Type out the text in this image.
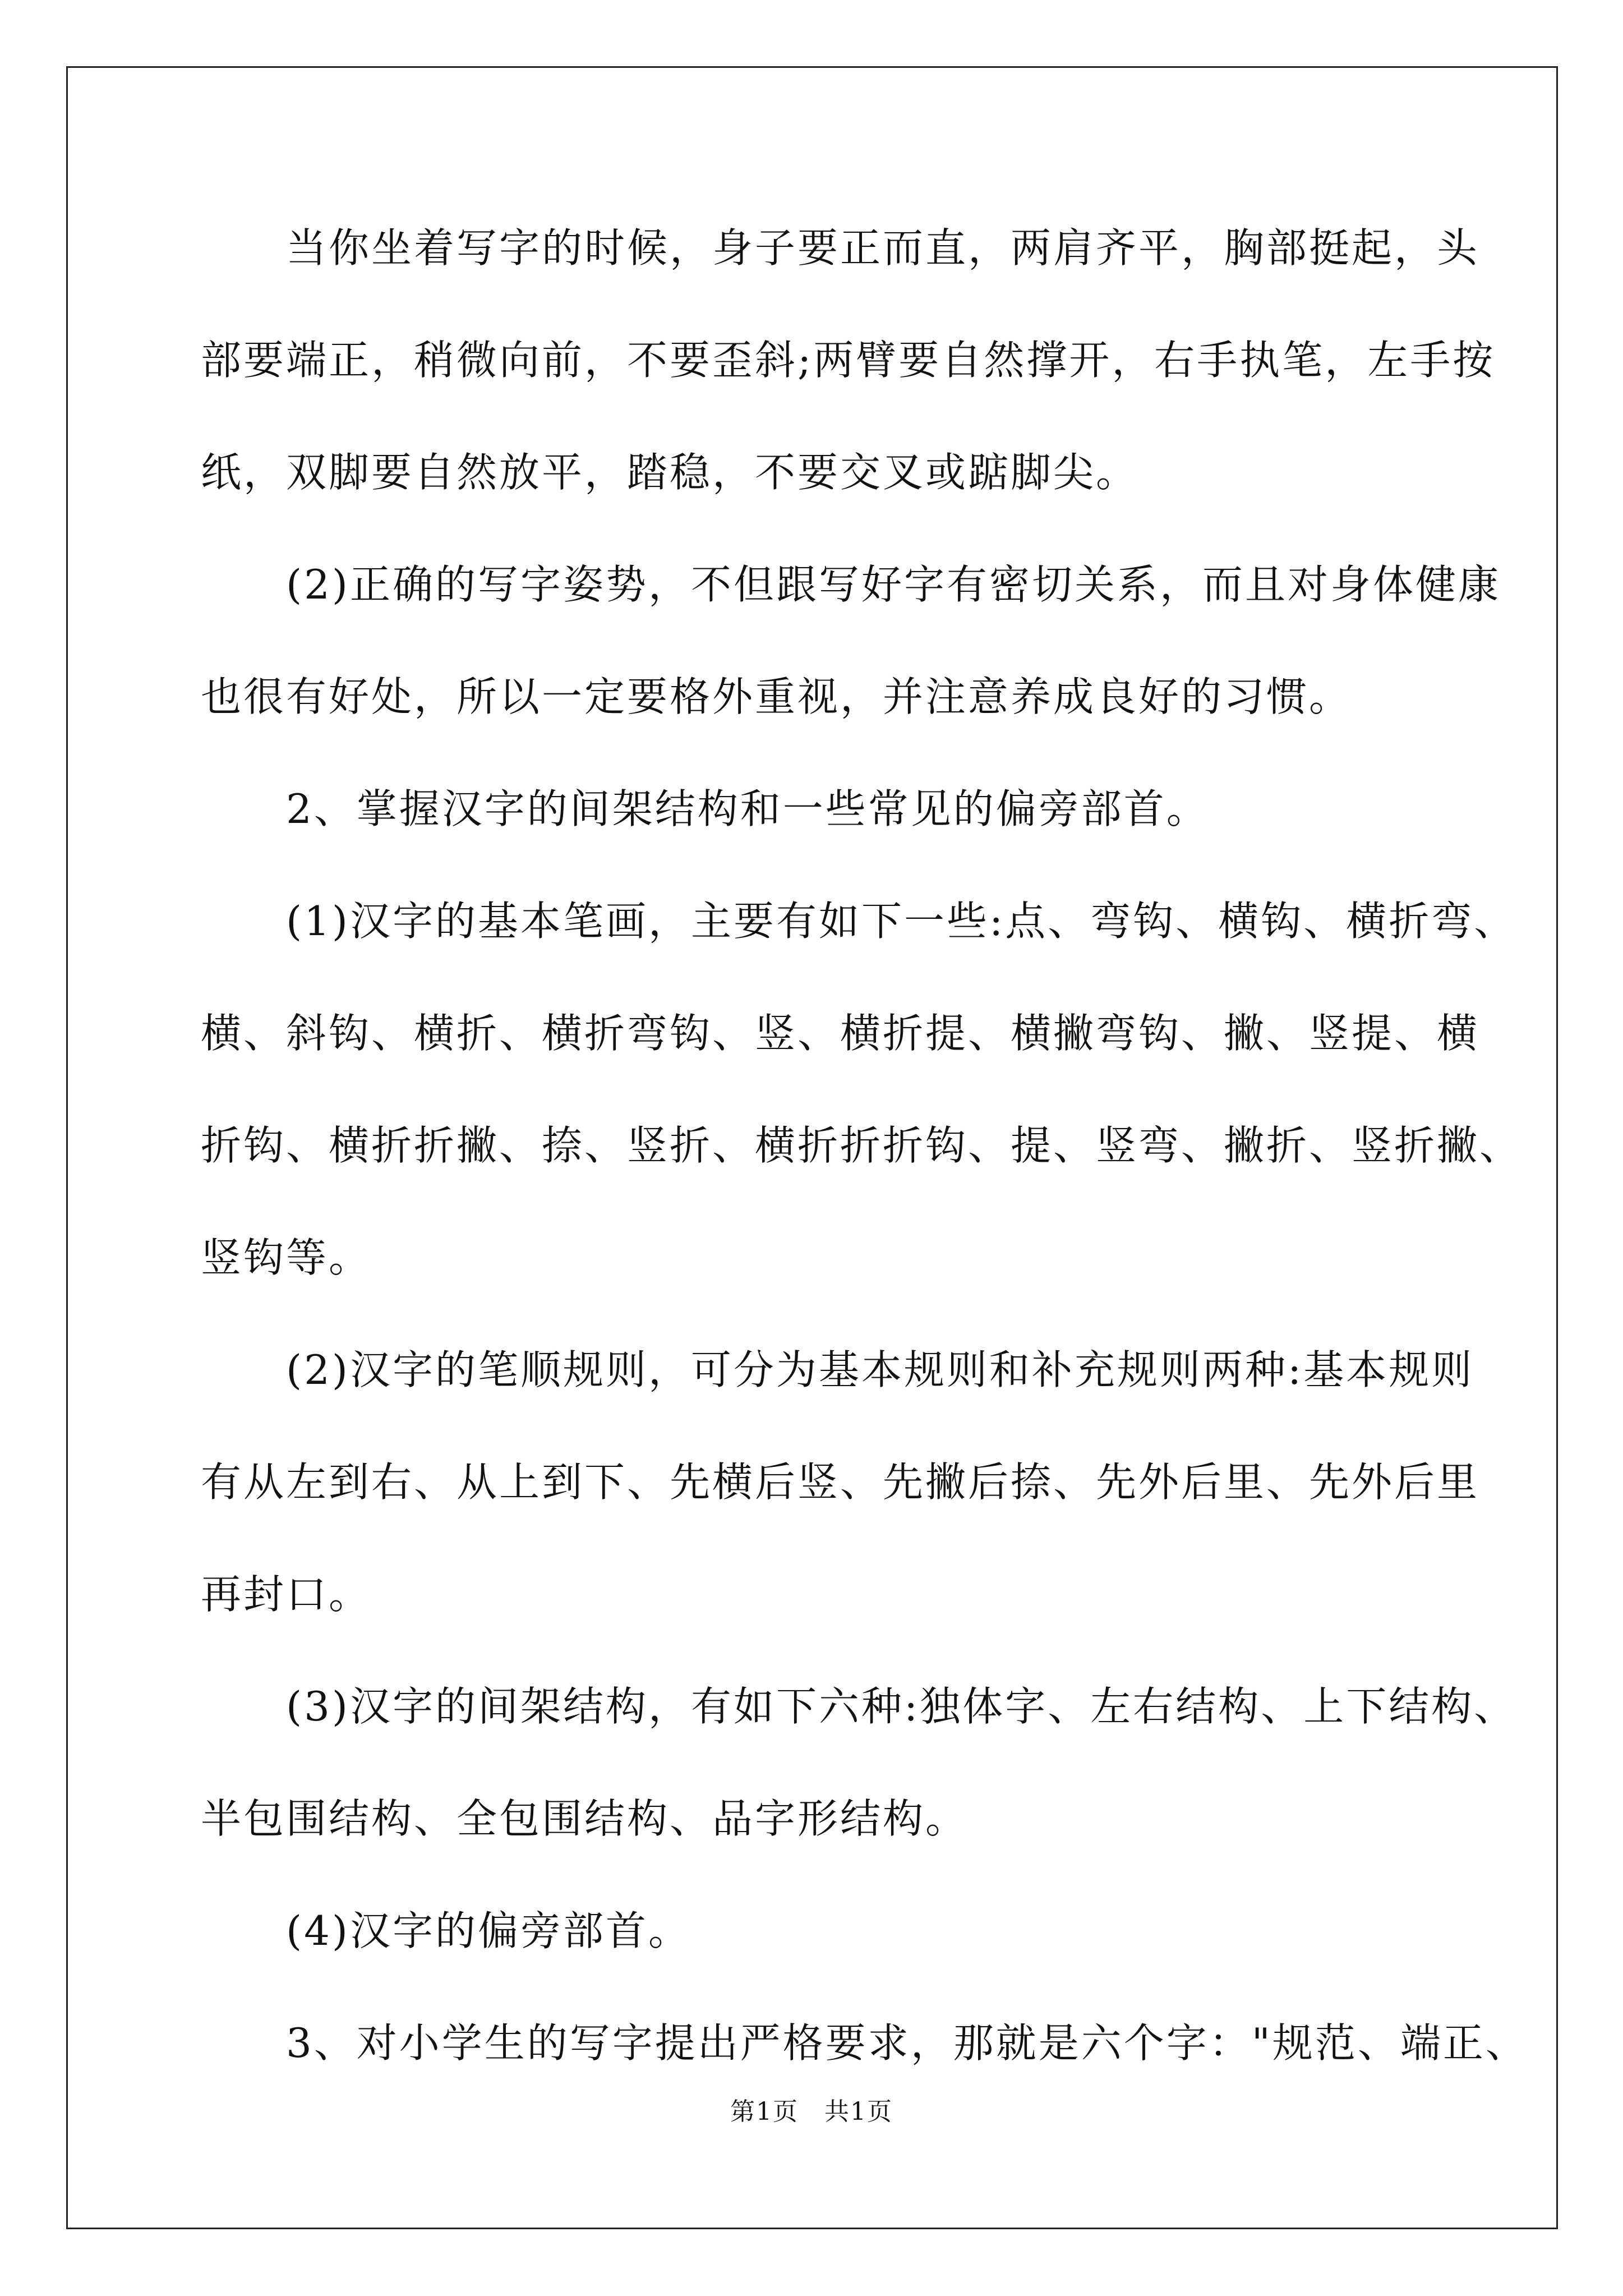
　　当你坐着写字的时候，身子要正而直，两肩齐平，胸部挺起，头
部要端正，稍微向前，不要歪斜;两臂要自然撑开，右手执笔，左手按
纸，双脚要自然放平，踏稳，不要交叉或踮脚尖。
　　(2)正确的写字姿势，不但跟写好字有密切关系，而且对身体健康
也很有好处，所以一定要格外重视，并注意养成良好的习惯。
　　2、掌握汉字的间架结构和一些常见的偏旁部首。
　　(1)汉字的基本笔画，主要有如下一些:点、弯钩、横钩、横折弯、
横、斜钩、横折、横折弯钩、竖、横折提、横撇弯钩、撇、竖提、横
折钩、横折折撇、捺、竖折、横折折折钩、提、竖弯、撇折、竖折撇、
竖钩等。
　　(2)汉字的笔顺规则，可分为基本规则和补充规则两种:基本规则
有从左到右、从上到下、先横后竖、先撇后捺、先外后里、先外后里
再封口。
　　(3)汉字的间架结构，有如下六种:独体字、左右结构、上下结构、
半包围结构、全包围结构、品字形结构。
　　(4)汉字的偏旁部首。
　　3、对小学生的写字提出严格要求，那就是六个字："规范、端正、
第1页　共1页
